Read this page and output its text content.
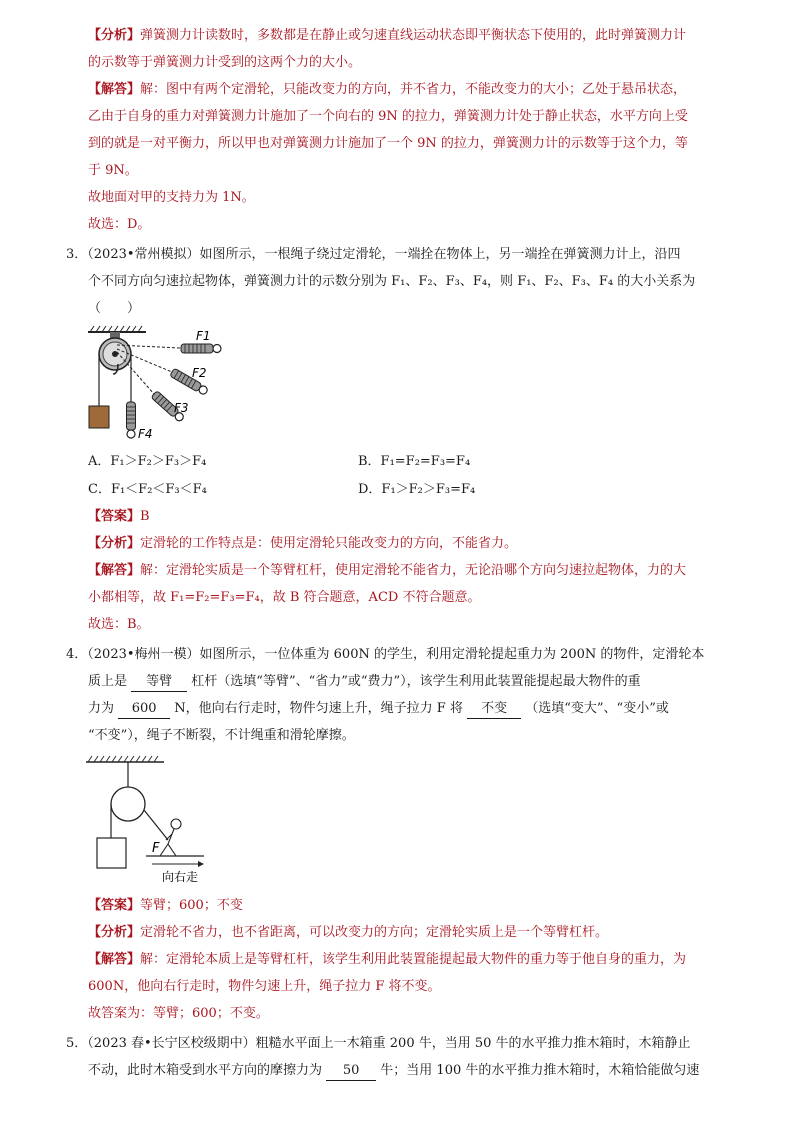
【分析】弹簧测力计读数时，多数都是在静止或匀速直线运动状态即平衡状态下使用的，此时弹簧测力计
的示数等于弹簧测力计受到的这两个力的大小。
【解答】解：图中有两个定滑轮，只能改变力的方向，并不省力，不能改变力的大小；乙处于悬吊状态，
乙由于自身的重力对弹簧测力计施加了一个向右的 9N 的拉力，弹簧测力计处于静止状态，水平方向上受
到的就是一对平衡力，所以甲也对弹簧测力计施加了一个 9N 的拉力，弹簧测力计的示数等于这个力，等
于 9N。
故地面对甲的支持力为 1N。
故选：D。
3．（2023•常州模拟）如图所示，一根绳子绕过定滑轮，一端拴在物体上，另一端拴在弹簧测力计上，沿四
个不同方向匀速拉起物体，弹簧测力计的示数分别为 F₁、F₂、F₃、F₄，则 F₁、F₂、F₃、F₄ 的大小关系为
（　　）
F1
F2
F3
F4
A．F₁＞F₂＞F₃＞F₄	B．F₁=F₂=F₃=F₄
C．F₁＜F₂＜F₃＜F₄	D．F₁＞F₂＞F₃=F₄
【答案】B
【分析】定滑轮的工作特点是：使用定滑轮只能改变力的方向，不能省力。
【解答】解：定滑轮实质是一个等臂杠杆，使用定滑轮不能省力，无论沿哪个方向匀速拉起物体，力的大
小都相等，故 F₁=F₂=F₃=F₄，故 B 符合题意，ACD 不符合题意。
故选：B。
4．（2023•梅州一模）如图所示，一位体重为 600N 的学生，利用定滑轮提起重力为 200N 的物件，定滑轮本
质上是 等臂 杠杆（选填“等臂”、“省力”或“费力”），该学生利用此装置能提起最大物件的重
力为 600 N，他向右行走时，物件匀速上升，绳子拉力 F 将 不变 （选填“变大”、“变小”或
“不变”），绳子不断裂，不计绳重和滑轮摩擦。
F
向右走
【答案】等臂；600；不变
【分析】定滑轮不省力，也不省距离，可以改变力的方向；定滑轮实质上是一个等臂杠杆。
【解答】解：定滑轮本质上是等臂杠杆，该学生利用此装置能提起最大物件的重力等于他自身的重力，为
600N，他向右行走时，物件匀速上升，绳子拉力 F 将不变。
故答案为：等臂；600；不变。
5．（2023 春•长宁区校级期中）粗糙水平面上一木箱重 200 牛，当用 50 牛的水平推力推木箱时，木箱静止
不动，此时木箱受到水平方向的摩擦力为 50 牛；当用 100 牛的水平推力推木箱时，木箱恰能做匀速
